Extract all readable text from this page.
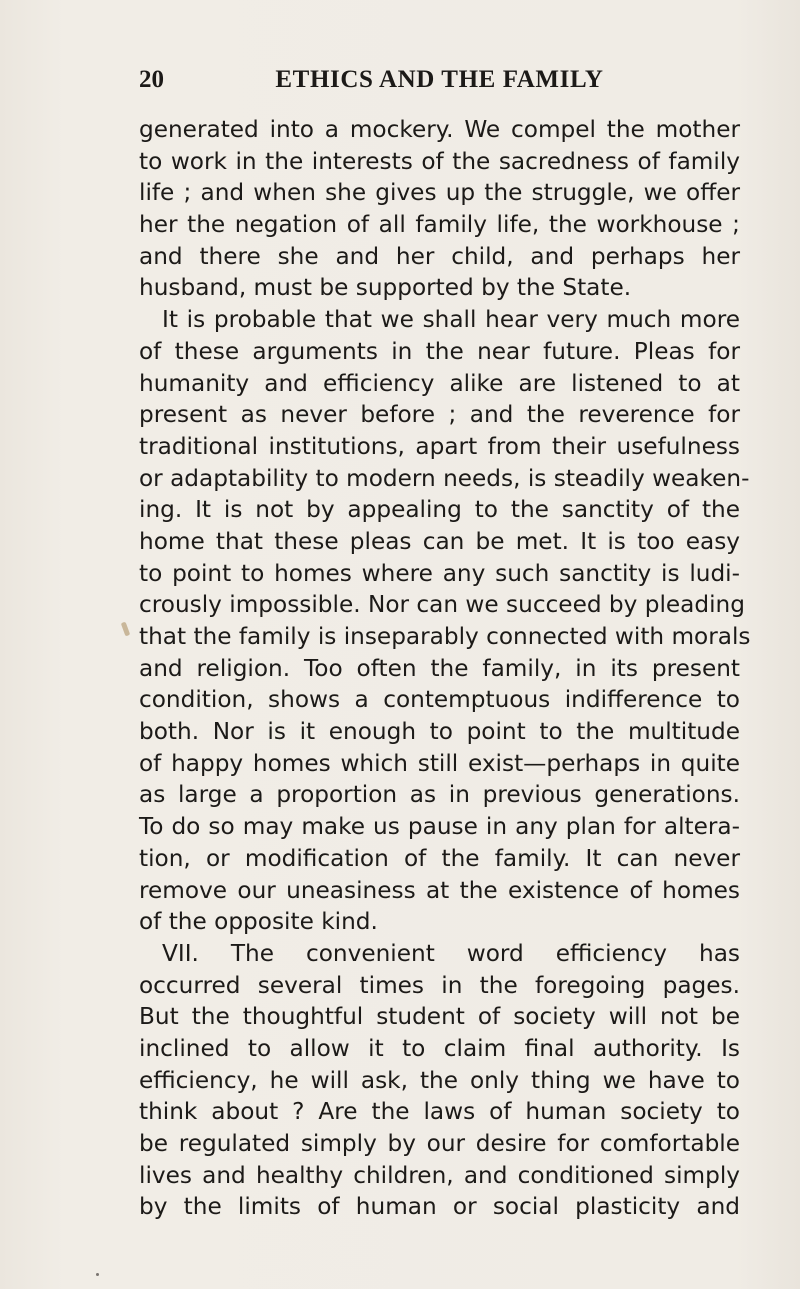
20	ETHICS AND THE FAMILY
generated into a mockery. We compel the mother
to work in the interests of the sacredness of family
life ; and when she gives up the struggle, we offer
her the negation of all family life, the workhouse ;
and there she and her child, and perhaps her
husband, must be supported by the State.
It is probable that we shall hear very much more
of these arguments in the near future. Pleas for
humanity and efficiency alike are listened to at
present as never before ; and the reverence for
traditional institutions, apart from their usefulness
or adaptability to modern needs, is steadily weaken-
ing. It is not by appealing to the sanctity of the
home that these pleas can be met. It is too easy
to point to homes where any such sanctity is ludi-
crously impossible. Nor can we succeed by pleading
that the family is inseparably connected with morals
and religion. Too often the family, in its present
condition, shows a contemptuous indifference to
both. Nor is it enough to point to the multitude
of happy homes which still exist—perhaps in quite
as large a proportion as in previous generations.
To do so may make us pause in any plan for altera-
tion, or modification of the family. It can never
remove our uneasiness at the existence of homes
of the opposite kind.
VII. The convenient word efficiency has
occurred several times in the foregoing pages.
But the thoughtful student of society will not be
inclined to allow it to claim final authority. Is
efficiency, he will ask, the only thing we have to
think about ? Are the laws of human society to
be regulated simply by our desire for comfortable
lives and healthy children, and conditioned simply
by the limits of human or social plasticity and
